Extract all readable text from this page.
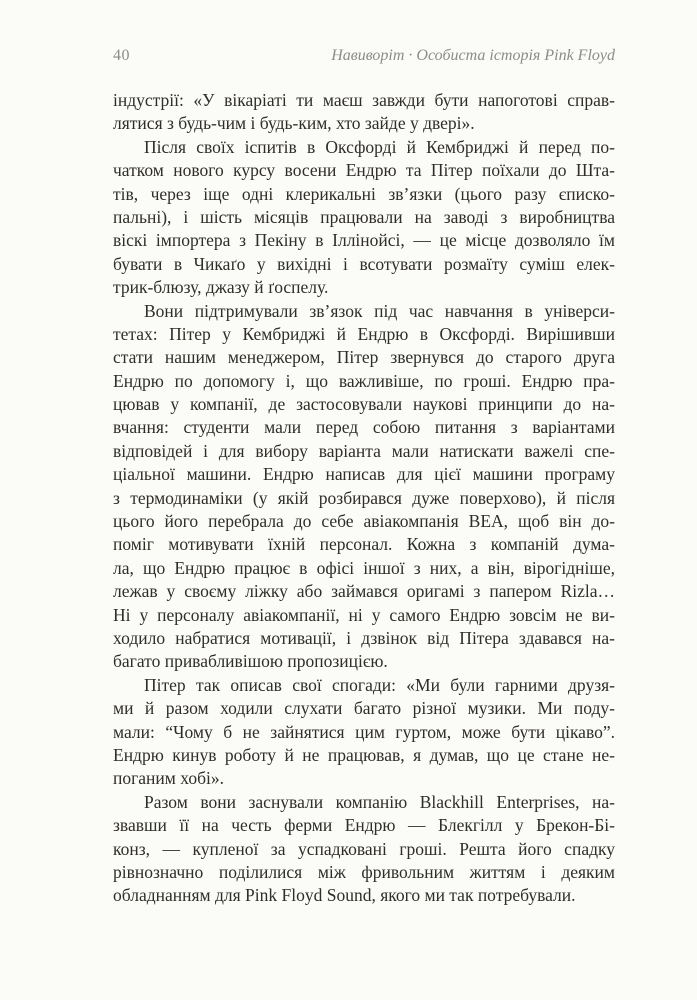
40	Навиворіт · Особиста історія Pink Floyd
індустрії: «У вікаріаті ти маєш завжди бути напоготові справ-
лятися з будь-чим і будь-ким, хто зайде у двері».
Після своїх іспитів в Оксфорді й Кембриджі й перед по-
чатком нового курсу восени Ендрю та Пітер поїхали до Шта-
тів, через іще одні клерикальні зв’язки (цього разу єписко-
пальні), і шість місяців працювали на заводі з виробництва
віскі імпортера з Пекіну в Іллінойсі, — це місце дозволяло їм
бувати в Чикаґо у вихідні і всотувати розмаїту суміш елек-
трик-блюзу, джазу й ґоспелу.
Вони підтримували зв’язок під час навчання в універси-
тетах: Пітер у Кембриджі й Ендрю в Оксфорді. Вирішивши
стати нашим менеджером, Пітер звернувся до старого друга
Ендрю по допомогу і, що важливіше, по гроші. Ендрю пра-
цював у компанії, де застосовували наукові принципи до на-
вчання: студенти мали перед собою питання з варіантами
відповідей і для вибору варіанта мали натискати важелі спе-
ціальної машини. Ендрю написав для цієї машини програму
з термодинаміки (у якій розбирався дуже поверхово), й після
цього його перебрала до себе авіакомпанія BEA, щоб він до-
поміг мотивувати їхній персонал. Кожна з компаній дума-
ла, що Ендрю працює в офісі іншої з них, а він, вірогідніше,
лежав у своєму ліжку або займався оригамі з папером Rizla…
Ні у персоналу авіакомпанії, ні у самого Ендрю зовсім не ви-
ходило набратися мотивації, і дзвінок від Пітера здавався на-
багато привабливішою пропозицією.
Пітер так описав свої спогади: «Ми були гарними друзя-
ми й разом ходили слухати багато різної музики. Ми поду-
мали: “Чому б не зайнятися цим гуртом, може бути цікаво”.
Ендрю кинув роботу й не працював, я думав, що це стане не-
поганим хобі».
Разом вони заснували компанію Blackhill Enterprises, на-
звавши її на честь ферми Ендрю — Блекгілл у Брекон-Бі-
конз, — купленої за успадковані гроші. Решта його спадку
рівнозначно поділилися між фривольним життям і деяким
обладнанням для Pink Floyd Sound, якого ми так потребували.
